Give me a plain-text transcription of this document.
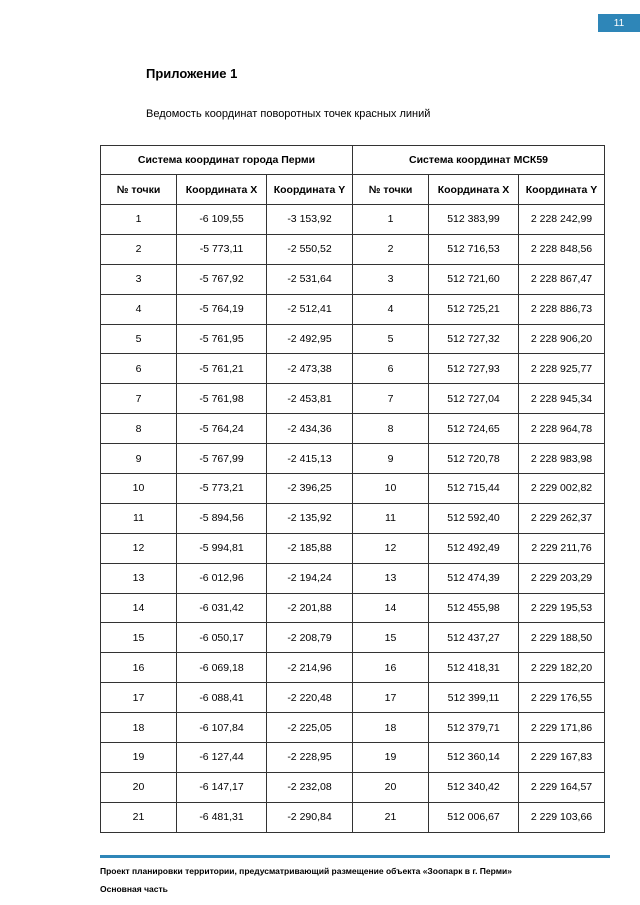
11
Приложение 1
Ведомость координат поворотных точек красных линий
Система координат города Перми			Система координат МСК59		
№ точки	Координата X	Координата Y	№ точки	Координата X	Координата Y
1	-6 109,55	-3 153,92	1	512 383,99	2 228 242,99
2	-5 773,11	-2 550,52	2	512 716,53	2 228 848,56
3	-5 767,92	-2 531,64	3	512 721,60	2 228 867,47
4	-5 764,19	-2 512,41	4	512 725,21	2 228 886,73
5	-5 761,95	-2 492,95	5	512 727,32	2 228 906,20
6	-5 761,21	-2 473,38	6	512 727,93	2 228 925,77
7	-5 761,98	-2 453,81	7	512 727,04	2 228 945,34
8	-5 764,24	-2 434,36	8	512 724,65	2 228 964,78
9	-5 767,99	-2 415,13	9	512 720,78	2 228 983,98
10	-5 773,21	-2 396,25	10	512 715,44	2 229 002,82
11	-5 894,56	-2 135,92	11	512 592,40	2 229 262,37
12	-5 994,81	-2 185,88	12	512 492,49	2 229 211,76
13	-6 012,96	-2 194,24	13	512 474,39	2 229 203,29
14	-6 031,42	-2 201,88	14	512 455,98	2 229 195,53
15	-6 050,17	-2 208,79	15	512 437,27	2 229 188,50
16	-6 069,18	-2 214,96	16	512 418,31	2 229 182,20
17	-6 088,41	-2 220,48	17	512 399,11	2 229 176,55
18	-6 107,84	-2 225,05	18	512 379,71	2 229 171,86
19	-6 127,44	-2 228,95	19	512 360,14	2 229 167,83
20	-6 147,17	-2 232,08	20	512 340,42	2 229 164,57
21	-6 481,31	-2 290,84	21	512 006,67	2 229 103,66
Проект планировки территории, предусматривающий размещение объекта «Зоопарк в г. Перми»
Основная часть
